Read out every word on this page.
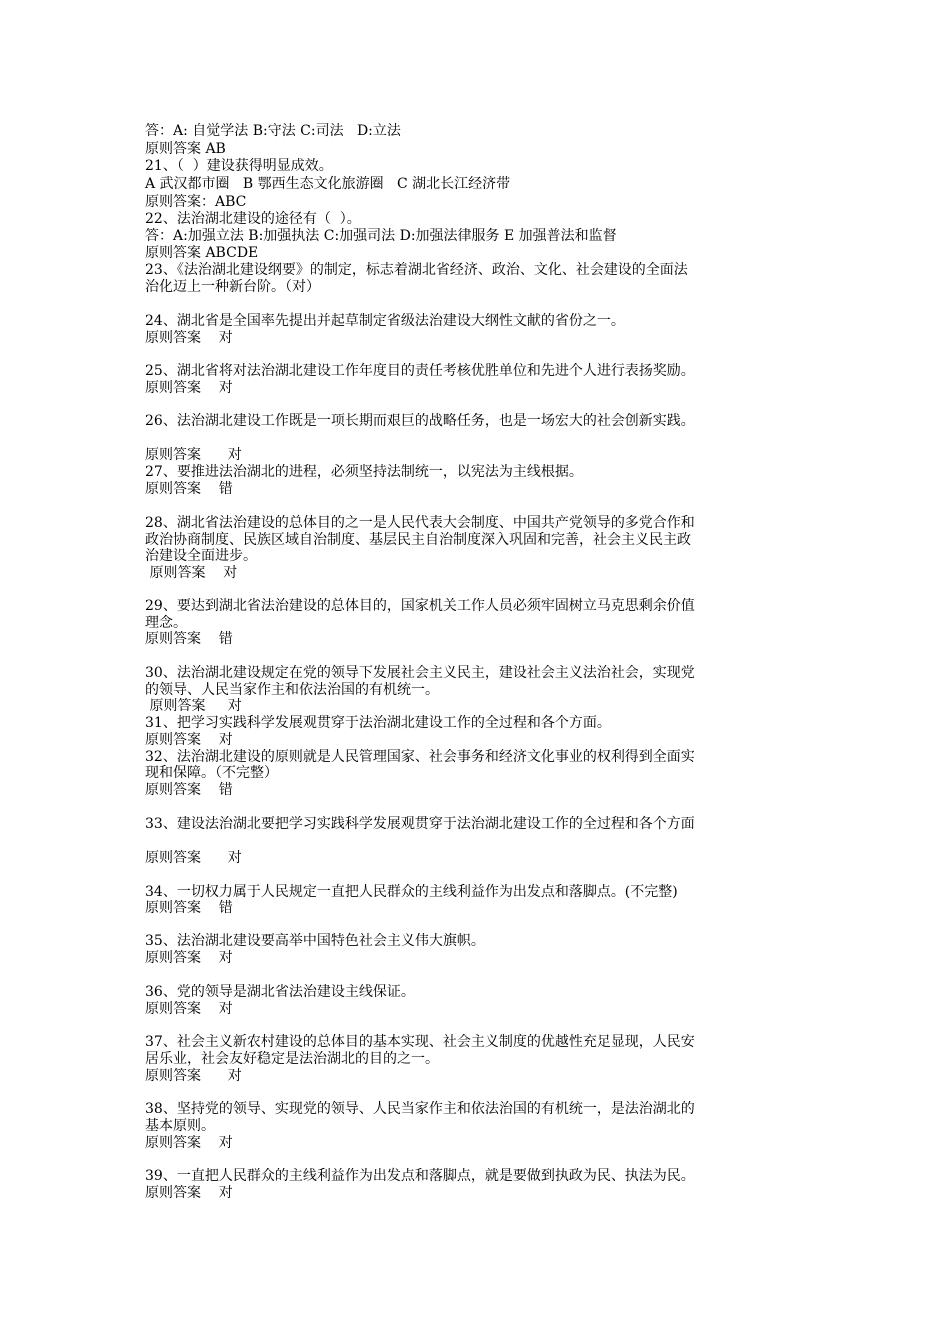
答：A: 自觉学法 B:守法 C:司法   D:立法

原则答案 AB

21、（  ）建设获得明显成效。

A 武汉都市圈   B 鄂西生态文化旅游圈   C 湖北长江经济带

原则答案：ABC

22、法治湖北建设的途径有（  ）。

答：A:加强立法 B:加强执法 C:加强司法 D:加强法律服务 E 加强普法和监督

原则答案 ABCDE

23、《法治湖北建设纲要》的制定，标志着湖北省经济、政治、文化、社会建设的全面法

治化迈上一种新台阶。（对）

24、湖北省是全国率先提出并起草制定省级法治建设大纲性文献的省份之一。

原则答案    对

25、湖北省将对法治湖北建设工作年度目的责任考核优胜单位和先进个人进行表扬奖励。

原则答案    对

26、法治湖北建设工作既是一项长期而艰巨的战略任务，也是一场宏大的社会创新实践。

原则答案      对

27、要推进法治湖北的进程，必须坚持法制统一，以宪法为主线根据。

原则答案    错

28、湖北省法治建设的总体目的之一是人民代表大会制度、中国共产党领导的多党合作和

政治协商制度、民族区域自治制度、基层民主自治制度深入巩固和完善，社会主义民主政

治建设全面进步。

原则答案    对

29、要达到湖北省法治建设的总体目的，国家机关工作人员必须牢固树立马克思剩余价值

理念。

原则答案    错

30、法治湖北建设规定在党的领导下发展社会主义民主，建设社会主义法治社会，实现党

的领导、人民当家作主和依法治国的有机统一。

原则答案     对

31、把学习实践科学发展观贯穿于法治湖北建设工作的全过程和各个方面。

原则答案    对

32、法治湖北建设的原则就是人民管理国家、社会事务和经济文化事业的权利得到全面实

现和保障。（不完整）

原则答案    错

33、建设法治湖北要把学习实践科学发展观贯穿于法治湖北建设工作的全过程和各个方面

原则答案      对

34、一切权力属于人民规定一直把人民群众的主线利益作为出发点和落脚点。(不完整)

原则答案    错

35、法治湖北建设要高举中国特色社会主义伟大旗帜。

原则答案    对

36、党的领导是湖北省法治建设主线保证。

原则答案    对

37、社会主义新农村建设的总体目的基本实现、社会主义制度的优越性充足显现，人民安

居乐业，社会友好稳定是法治湖北的目的之一。

原则答案      对

38、坚持党的领导、实现党的领导、人民当家作主和依法治国的有机统一，是法治湖北的

基本原则。

原则答案    对

39、一直把人民群众的主线利益作为出发点和落脚点，就是要做到执政为民、执法为民。

原则答案    对
